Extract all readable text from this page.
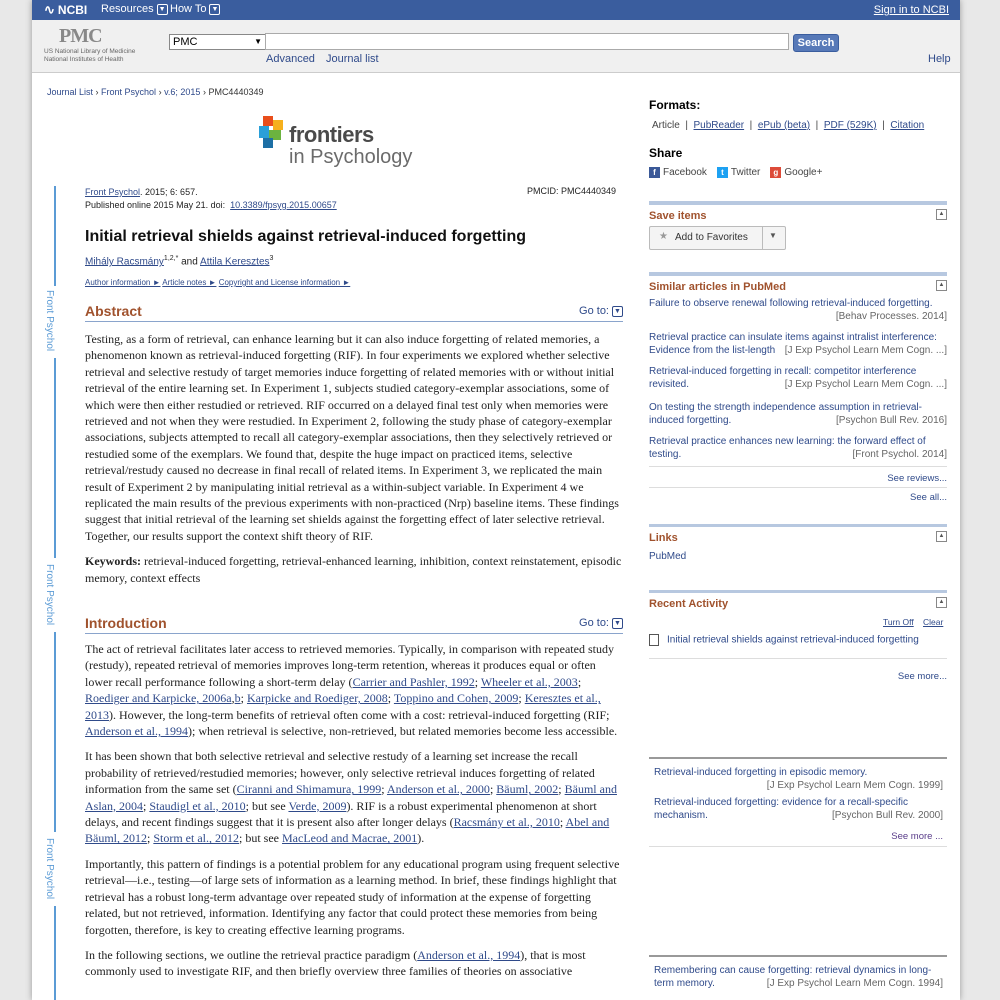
∿ NCBI Resources ▼ How To ▼	Sign in to NCBI
PMC
US National Library of Medicine
National Institutes of Health
PMC	▼	Search
Advanced Journal list	Help
Journal List › Front Psychol › v.6; 2015 › PMC4440349
frontiers
in Psychology
Front Psychol
Front Psychol
Front Psychol
Front Psychol. 2015; 6: 657.
Published online 2015 May 21. doi: 10.3389/fpsyg.2015.00657
PMCID: PMC4440349
Initial retrieval shields against retrieval-induced forgetting
Mihály Racsmány$^{1,2,*}$ and Attila Keresztes$^3$
Author information ► Article notes ► Copyright and License information ►
Abstract	Go to: ▼

Testing, as a form of retrieval, can enhance learning but it can also induce forgetting of related memories, a phenomenon known as retrieval-induced forgetting (RIF). In four experiments we explored whether selective retrieval and selective restudy of target memories induce forgetting of related memories with or without initial retrieval of the entire learning set. In Experiment 1, subjects studied category-exemplar associations, some of which were then either restudied or retrieved. RIF occurred on a delayed final test only when memories were retrieved and not when they were restudied. In Experiment 2, following the study phase of category-exemplar associations, subjects attempted to recall all category-exemplar associations, then they selectively retrieved or restudied some of the exemplars. We found that, despite the huge impact on practiced items, selective retrieval/restudy caused no decrease in final recall of related items. In Experiment 3, we replicated the main result of Experiment 2 by manipulating initial retrieval as a within-subject variable. In Experiment 4 we replicated the main results of the previous experiments with non-practiced (Nrp) baseline items. These findings suggest that initial retrieval of the learning set shields against the forgetting effect of later selective retrieval. Together, our results support the context shift theory of RIF.

Keywords: retrieval-induced forgetting, retrieval-enhanced learning, inhibition, context reinstatement, episodic memory, context effects

Introduction	Go to: ▼

The act of retrieval facilitates later access to retrieved memories. Typically, in comparison with repeated study (restudy), repeated retrieval of memories improves long-term retention, whereas it produces equal or often lower recall performance following a short-term delay (Carrier and Pashler, 1992; Wheeler et al., 2003; Roediger and Karpicke, 2006a,b; Karpicke and Roediger, 2008; Toppino and Cohen, 2009; Keresztes et al., 2013). However, the long-term benefits of retrieval often come with a cost: retrieval-induced forgetting (RIF; Anderson et al., 1994); when retrieval is selective, non-retrieved, but related memories become less accessible.

It has been shown that both selective retrieval and selective restudy of a learning set increase the recall probability of retrieved/restudied memories; however, only selective retrieval induces forgetting of related information from the same set (Ciranni and Shimamura, 1999; Anderson et al., 2000; Bäuml, 2002; Bäuml and Aslan, 2004; Staudigl et al., 2010; but see Verde, 2009). RIF is a robust experimental phenomenon at short delays, and recent findings suggest that it is present also after longer delays (Racsmány et al., 2010; Abel and Bäuml, 2012; Storm et al., 2012; but see MacLeod and Macrae, 2001).

Importantly, this pattern of findings is a potential problem for any educational program using frequent selective retrieval—i.e., testing—of large sets of information as a learning method. In brief, these findings highlight that retrieval has a robust long-term advantage over repeated study of information at the expense of forgetting related, but not retrieved, information. Identifying any factor that could protect these memories from being forgotten, therefore, is key to creating effective learning programs.

In the following sections, we outline the retrieval practice paradigm (Anderson et al., 1994), that is most commonly used to investigate RIF, and then briefly overview three families of theories on associative

Formats:
Article  |  PubReader  |  ePub (beta)  |  PDF (529K)  |  Citation
Share
f Facebook	t Twitter	g Google+
Save items	▲
★ Add to Favorites	▼
Similar articles in PubMed	▲
Failure to observe renewal following retrieval-induced forgetting.

[Behav Processes. 2014]
Retrieval practice can insulate items against intralist interference: Evidence from the list-length [J Exp Psychol Learn Mem Cogn. ...]
Retrieval-induced forgetting in recall: competitor interference revisited.	[J Exp Psychol Learn Mem Cogn. ...]
On testing the strength independence assumption in retrieval-induced forgetting.	[Psychon Bull Rev. 2016]
Retrieval practice enhances new learning: the forward effect of testing.	[Front Psychol. 2014]
See reviews...
See all...
Links	▲
PubMed
Recent Activity	▲
Turn Off Clear
Initial retrieval shields against retrieval-induced forgetting
See more...
Retrieval-induced forgetting in episodic memory.

[J Exp Psychol Learn Mem Cogn. 1999]
Retrieval-induced forgetting: evidence for a recall-specific mechanism.	[Psychon Bull Rev. 2000]
See more ...
Remembering can cause forgetting: retrieval dynamics in long-term memory.	[J Exp Psychol Learn Mem Cogn. 1994]
